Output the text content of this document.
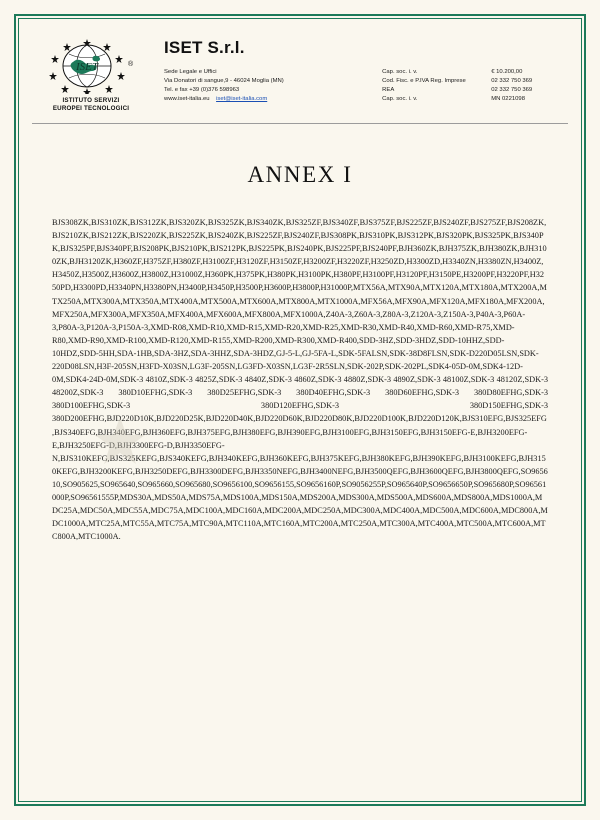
ISET	®
ISTITUTO SERVIZI
EUROPEI TECNOLOGICI
ISET S.r.l.
Sede Legale e Uffici	Cap. soc. i. v.	€ 10.200,00
Via Donatori di sangue,9 - 46024 Moglia (MN)	Cod. Fisc. e P.IVA Reg. Imprese	02 332 750 369
Tel. e fax +39 (0)376 598963	REA	02 332 750 369
www.iset-italia.eu iset@iset-italia.com	Cap. soc. i. v.	MN 0221098
ANNEX I
BJS308ZK,BJS310ZK,BJS312ZK,BJS320ZK,BJS325ZK,BJS340ZK,BJS325ZF,BJS340ZF,BJS375ZF,BJS225ZF,BJS240ZF,BJS275ZF,BJS208ZK,BJS210ZK,BJS212ZK,BJS220ZK,BJS225ZK,BJS240ZK,BJS225ZF,BJS240ZF,BJS308PK,BJS310PK,BJS312PK,BJS320PK,BJS325PK,BJS340PK,BJS325PF,BJS340PF,BJS208PK,BJS210PK,BJS212PK,BJS225PK,BJS240PK,BJS225PF,BJS240PF,BJH360ZK,BJH375ZK,BJH380ZK,BJH3100ZK,BJH3120ZK,H360ZF,H375ZF,H380ZF,H3100ZF,H3120ZF,H3150ZF,H3200ZF,H3220ZF,H3250ZD,H3300ZD,H3340ZN,H3380ZN,H3400Z,H3450Z,H3500Z,H3600Z,H3800Z,H31000Z,H360PK,H375PK,H380PK,H3100PK,H380PF,H3100PF,H3120PF,H3150PE,H3200PF,H3220PF,H3250PD,H3300PD,H3340PN,H3380PN,H3400P,H3450P,H3500P,H3600P,H3800P,H31000P,MTX56A,MTX90A,MTX120A,MTX180A,MTX200A,MTX250A,MTX300A,MTX350A,MTX400A,MTX500A,MTX600A,MTX800A,MTX1000A,MFX56A,MFX90A,MFX120A,MFX180A,MFX200A,MFX250A,MFX300A,MFX350A,MFX400A,MFX600A,MFX800A,MFX1000A,Z40A-3,Z60A-3,Z80A-3,Z120A-3,Z150A-3,P40A-3,P60A-3,P80A-3,P120A-3,P150A-3,XMD-R08,XMD-R10,XMD-R15,XMD-R20,XMD-R25,XMD-R30,XMD-R40,XMD-R60,XMD-R75,XMD-R80,XMD-R90,XMD-R100,XMD-R120,XMD-R155,XMD-R200,XMD-R300,XMD-R400,SDD-3HZ,SDD-3HDZ,SDD-10HHZ,SDD-10HDZ,SDD-5HH,SDA-1HB,SDA-3HZ,SDA-3HHZ,SDA-3HDZ,GJ-5-L,GJ-5FA-L,SDK-5FALSN,SDK-38D8FLSN,SDK-D220D05LSN,SDK-220D08LSN,H3F-205SN,H3FD-X03SN,LG3F-205SN,LG3FD-X03SN,LG3F-2R5SLN,SDK-202P,SDK-202PL,SDK4-05D-0M,SDK4-12D-0M,SDK4-24D-0M,SDK-3 4810Z,SDK-3 4825Z,SDK-3 4840Z,SDK-3 4860Z,SDK-3 4880Z,SDK-3 4890Z,SDK-3 48100Z,SDK-3 48120Z,SDK-3 48200Z,SDK-3 380D10EFHG,SDK-3 380D25EFHG,SDK-3 380D40EFHG,SDK-3 380D60EFHG,SDK-3 380D80EFHG,SDK-3 380D100EFHG,SDK-3 380D120EFHG,SDK-3 380D150EFHG,SDK-3 380D200EFHG,BJD220D10K,BJD220D25K,BJD220D40K,BJD220D60K,BJD220D80K,BJD220D100K,BJD220D120K,BJS310EFG,BJS325EFG,BJS340EFG,BJH340EFG,BJH360EFG,BJH375EFG,BJH380EFG,BJH390EFG,BJH3100EFG,BJH3150EFG,BJH3150EFG-E,BJH3200EFG-E,BJH3250EFG-D,BJH3300EFG-D,BJH3350EFG-N,BJS310KEFG,BJS325KEFG,BJS340KEFG,BJH340KEFG,BJH360KEFG,BJH375KEFG,BJH380KEFG,BJH390KEFG,BJH3100KEFG,BJH3150KEFG,BJH3200KEFG,BJH3250DEFG,BJH3300DEFG,BJH3350NEFG,BJH3400NEFG,BJH3500QEFG,BJH3600QEFG,BJH3800QEFG,SO965610,SO905625,SO965640,SO965660,SO965680,SO9656100,SO9656155,SO9656160P,SO9056255P,SO965640P,SO9656650P,SO965680P,SO96561000P,SO96561555P,MDS30A,MDS50A,MDS75A,MDS100A,MDS150A,MDS200A,MDS300A,MDS500A,MDS600A,MDS800A,MDS1000A,MDC25A,MDC50A,MDC55A,MDC75A,MDC100A,MDC160A,MDC200A,MDC250A,MDC300A,MDC400A,MDC500A,MDC600A,MDC800A,MDC1000A,MTC25A,MTC55A,MTC75A,MTC90A,MTC110A,MTC160A,MTC200A,MTC250A,MTC300A,MTC400A,MTC500A,MTC600A,MTC800A,MTC1000A.
